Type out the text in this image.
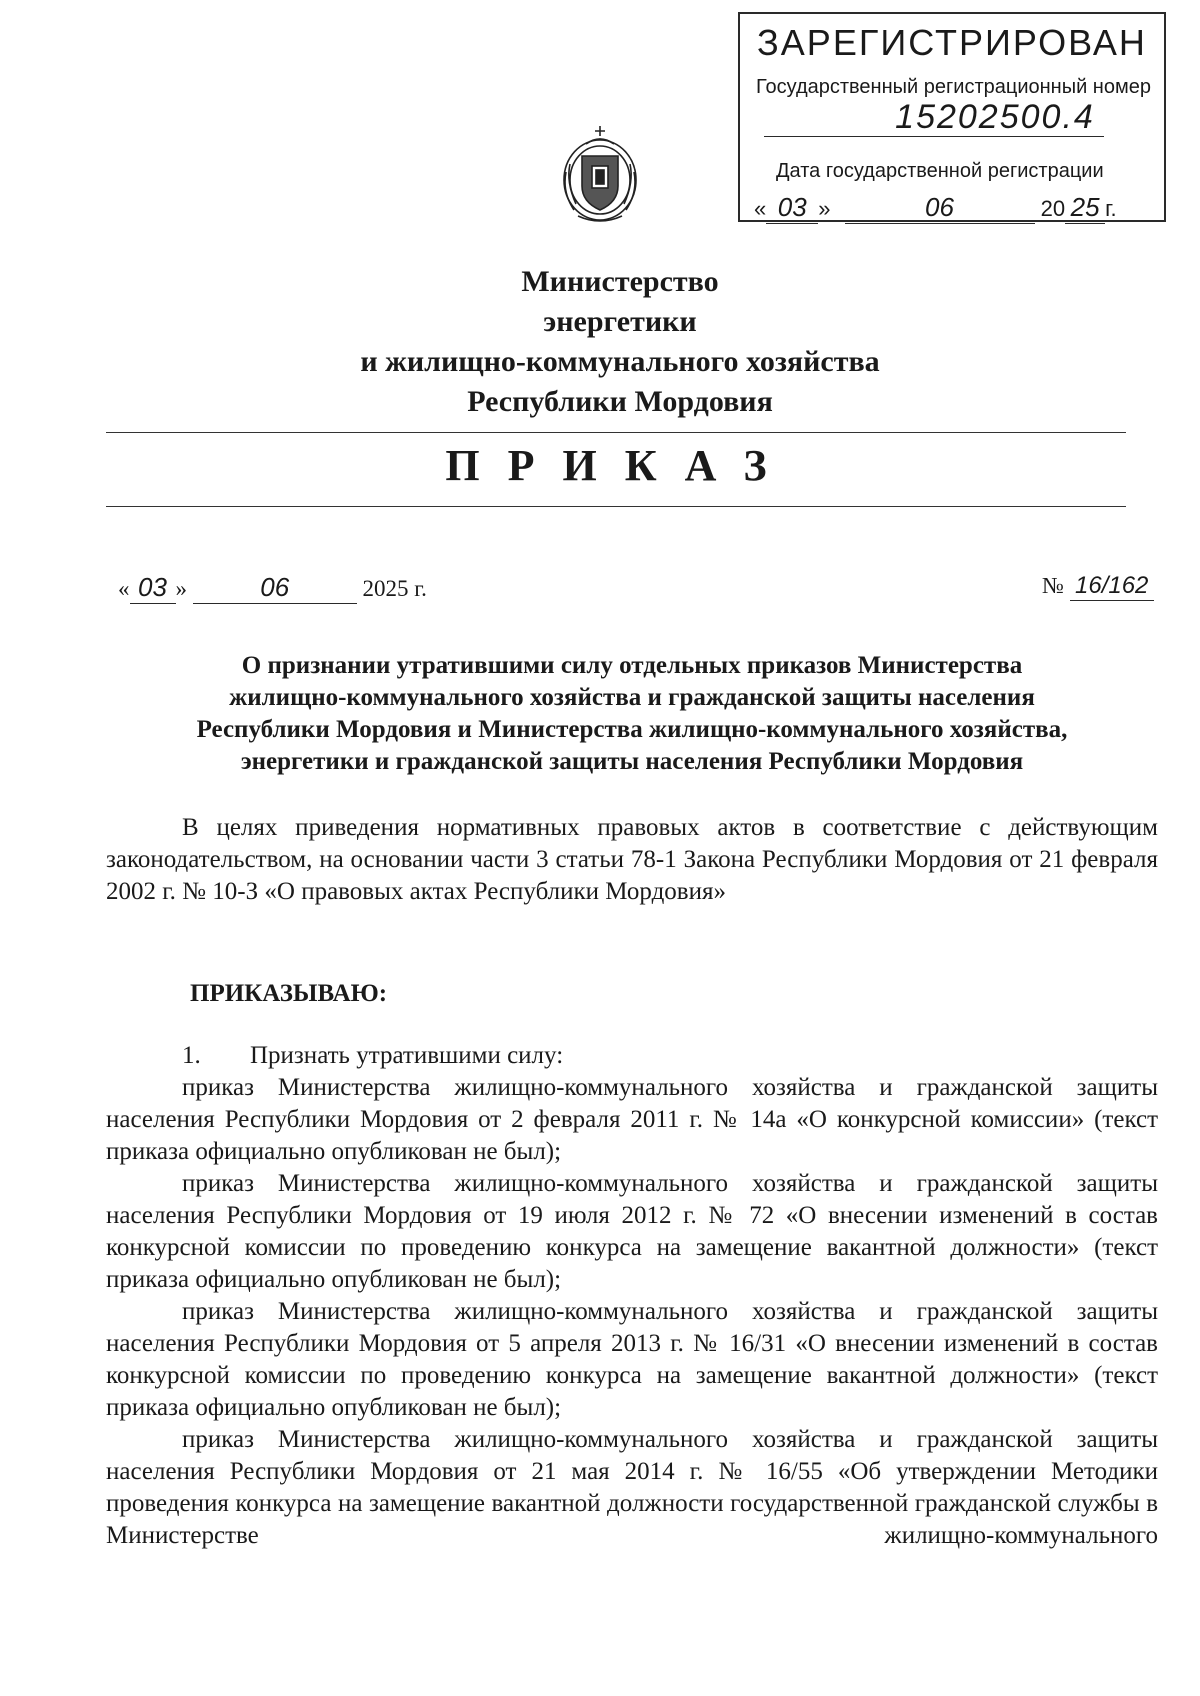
ЗАРЕГИСТРИРОВАН
Государственный регистрационный номер
15202500.4
Дата государственной регистрации
« 03 »	06	20 25 г.
Министерство
энергетики
и жилищно-коммунального хозяйства
Республики Мордовия
ПРИКАЗ
« 03 »	06	2025 г.	№ 16/162
О признании утратившими силу отдельных приказов Министерства
жилищно-коммунального хозяйства и гражданской защиты населения
Республики Мордовия и Министерства жилищно-коммунального хозяйства,
энергетики и гражданской защиты населения Республики Мордовия

В целях приведения нормативных правовых актов в соответствие с действующим законодательством, на основании части 3 статьи 78-1 Закона Республики Мордовия от 21 февраля 2002 г. № 10-З «О правовых актах Республики Мордовия»

ПРИКАЗЫВАЮ:

1. Признать утратившими силу:

приказ Министерства жилищно-коммунального хозяйства и гражданской защиты населения Республики Мордовия от 2 февраля 2011 г. № 14а «О конкурсной комиссии» (текст приказа официально опубликован не был);

приказ Министерства жилищно-коммунального хозяйства и гражданской защиты населения Республики Мордовия от 19 июля 2012 г. № 72 «О внесении изменений в состав конкурсной комиссии по проведению конкурса на замещение вакантной должности» (текст приказа официально опубликован не был);

приказ Министерства жилищно-коммунального хозяйства и гражданской защиты населения Республики Мордовия от 5 апреля 2013 г. № 16/31 «О внесении изменений в состав конкурсной комиссии по проведению конкурса на замещение вакантной должности» (текст приказа официально опубликован не был);

приказ Министерства жилищно-коммунального хозяйства и гражданской защиты населения Республики Мордовия от 21 мая 2014 г. № 16/55 «Об утверждении Методики проведения конкурса на замещение вакантной должности государственной гражданской службы в Министерстве жилищно-коммунального
